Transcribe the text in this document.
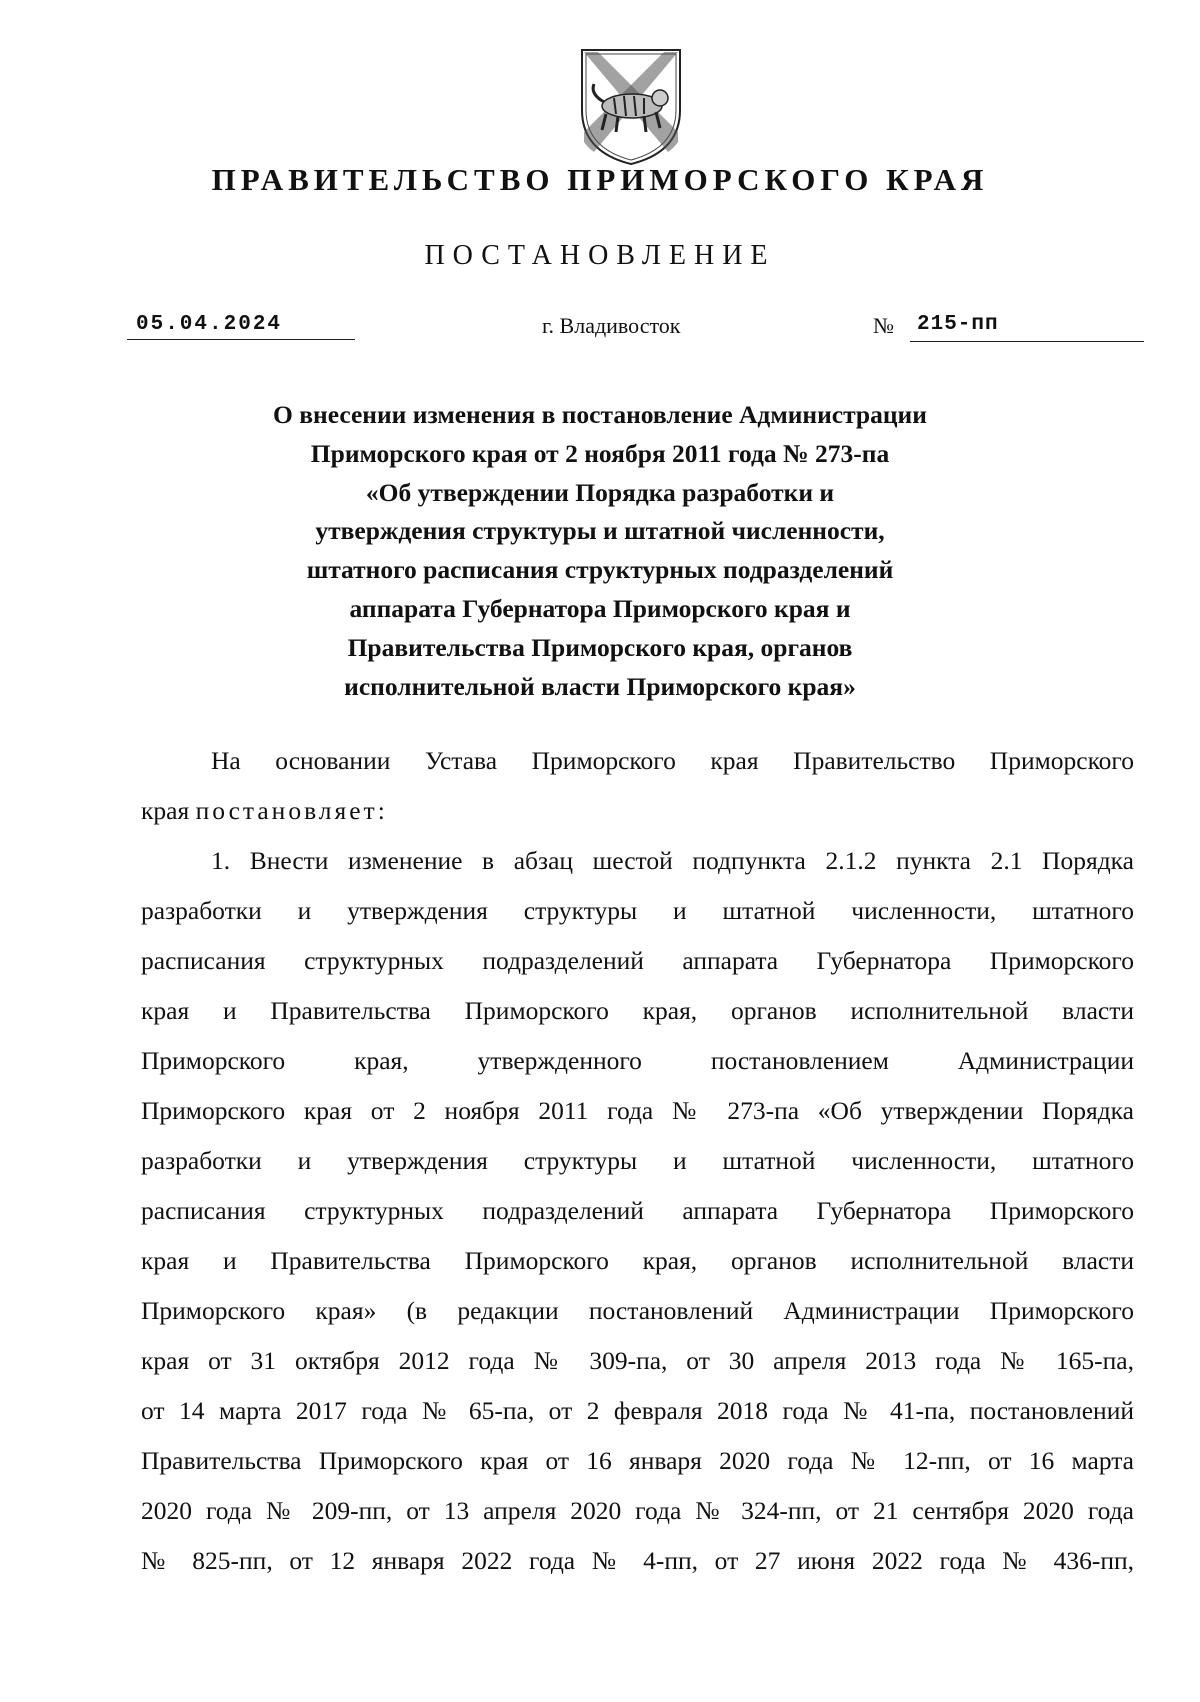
ПРАВИТЕЛЬСТВО ПРИМОРСКОГО КРАЯ
ПОСТАНОВЛЕНИЕ
05.04.2024	г. Владивосток	№ 215-пп
О внесении изменения в постановление Администрации
Приморского края от 2 ноября 2011 года № 273-па
«Об утверждении Порядка разработки и
утверждения структуры и штатной численности,
штатного расписания структурных подразделений
аппарата Губернатора Приморского края и
Правительства Приморского края, органов
исполнительной власти Приморского края»
На основании Устава Приморского края Правительство Приморского
края постановляет:
1. Внести изменение в абзац шестой подпункта 2.1.2 пункта 2.1 Порядка
разработки и утверждения структуры и штатной численности, штатного
расписания структурных подразделений аппарата Губернатора Приморского
края и Правительства Приморского края, органов исполнительной власти
Приморского края, утвержденного постановлением Администрации
Приморского края от 2 ноября 2011 года № 273-па «Об утверждении Порядка
разработки и утверждения структуры и штатной численности, штатного
расписания структурных подразделений аппарата Губернатора Приморского
края и Правительства Приморского края, органов исполнительной власти
Приморского края» (в редакции постановлений Администрации Приморского
края от 31 октября 2012 года № 309-па, от 30 апреля 2013 года № 165-па,
от 14 марта 2017 года № 65-па, от 2 февраля 2018 года № 41-па, постановлений
Правительства Приморского края от 16 января 2020 года № 12-пп, от 16 марта
2020 года № 209-пп, от 13 апреля 2020 года № 324-пп, от 21 сентября 2020 года
№ 825-пп, от 12 января 2022 года № 4-пп, от 27 июня 2022 года № 436-пп,
